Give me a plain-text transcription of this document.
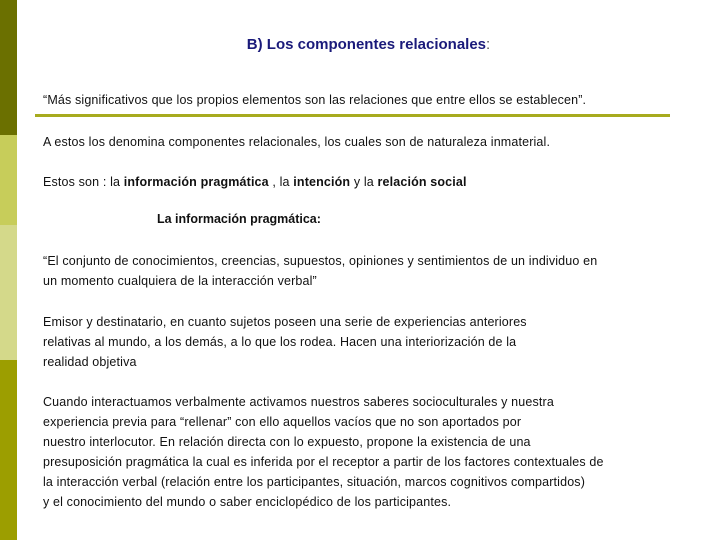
B) Los componentes relacionales:
“Más significativos que los propios elementos son las relaciones que entre ellos se establecen”.
A estos los denomina componentes relacionales, los cuales son de naturaleza inmaterial.
Estos son : la información pragmática , la intención y la relación social
La información pragmática:
“El conjunto de conocimientos, creencias, supuestos, opiniones y sentimientos de un individuo en
un momento cualquiera de la interacción verbal”
Emisor y destinatario, en cuanto sujetos poseen una serie de experiencias anteriores
relativas al mundo, a los demás, a lo que los rodea. Hacen una interiorización de la
realidad objetiva
Cuando interactuamos verbalmente activamos nuestros saberes socioculturales y nuestra
experiencia previa para “rellenar” con ello aquellos vacíos que no son aportados por
nuestro interlocutor. En relación directa con lo expuesto, propone la existencia de una
presuposición pragmática la cual es inferida por el receptor a partir de los factores contextuales de
la interacción verbal (relación entre los participantes, situación, marcos cognitivos compartidos)
y el conocimiento del mundo o saber enciclopédico de los participantes.
